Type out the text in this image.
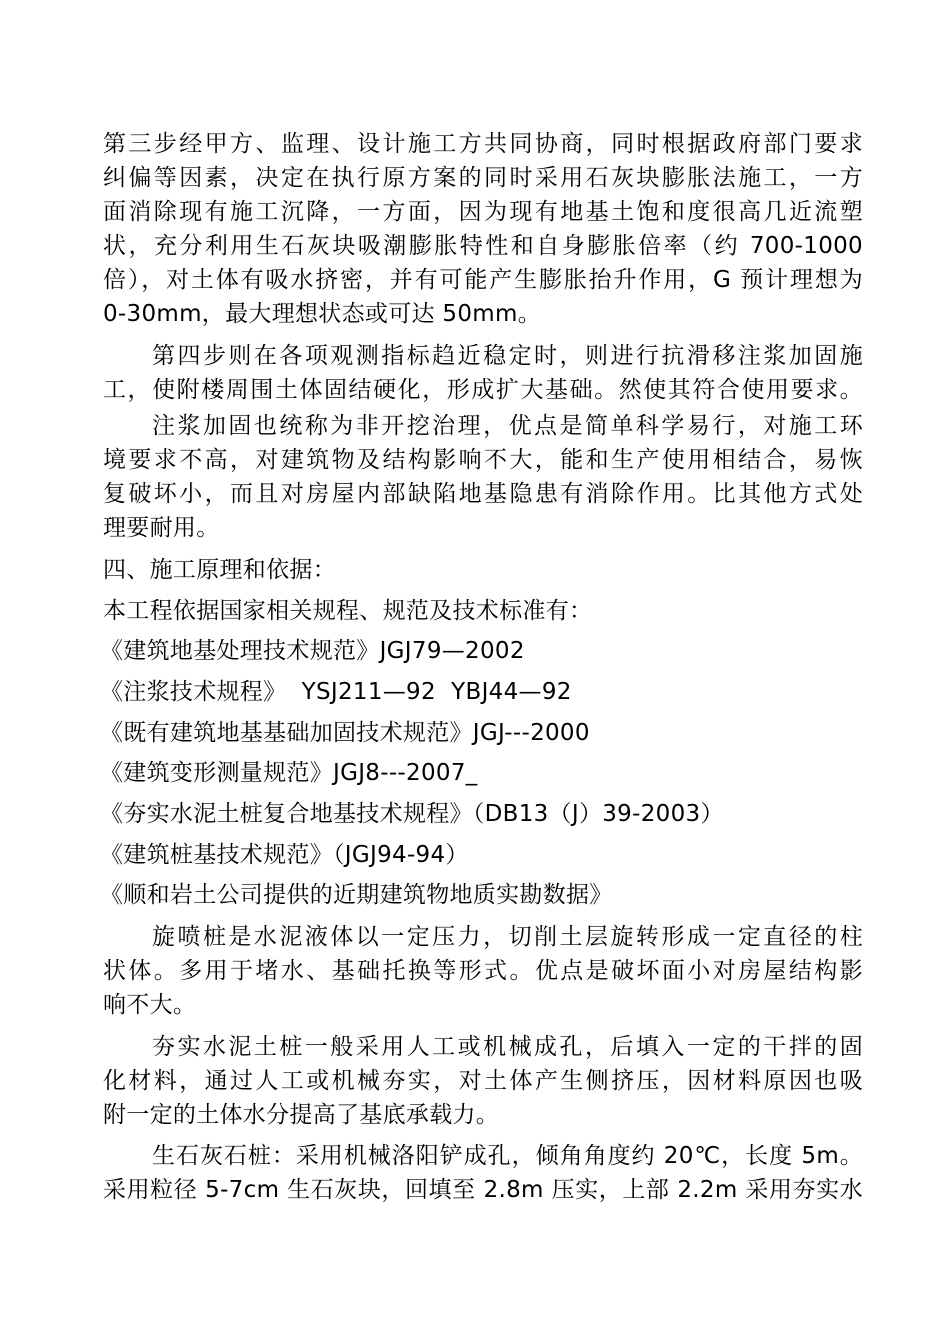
第三步经甲方、监理、设计施工方共同协商，同时根据政府部门要求
纠偏等因素，决定在执行原方案的同时采用石灰块膨胀法施工，一方
面消除现有施工沉降，一方面，因为现有地基土饱和度很高几近流塑
状，充分利用生石灰块吸潮膨胀特性和自身膨胀倍率（约 700-1000
倍），对土体有吸水挤密，并有可能产生膨胀抬升作用，G 预计理想为
0-30mm，最大理想状态或可达 50mm。
第四步则在各项观测指标趋近稳定时，则进行抗滑移注浆加固施
工，使附楼周围土体固结硬化，形成扩大基础。然使其符合使用要求。
注浆加固也统称为非开挖治理，优点是简单科学易行，对施工环
境要求不高，对建筑物及结构影响不大，能和生产使用相结合，易恢
复破坏小，而且对房屋内部缺陷地基隐患有消除作用。比其他方式处
理要耐用。
四、施工原理和依据：
本工程依据国家相关规程、规范及技术标准有：
《建筑地基处理技术规范》JGJ79—2002
《注浆技术规程》  YSJ211—92  YBJ44—92
《既有建筑地基基础加固技术规范》JGJ---2000
《建筑变形测量规范》JGJ8---2007_
《夯实水泥土桩复合地基技术规程》（DB13（J）39-2003）
《建筑桩基技术规范》（JGJ94-94）
《顺和岩土公司提供的近期建筑物地质实勘数据》
旋喷桩是水泥液体以一定压力，切削土层旋转形成一定直径的柱
状体。多用于堵水、基础托换等形式。优点是破坏面小对房屋结构影
响不大。
夯实水泥土桩一般采用人工或机械成孔，后填入一定的干拌的固
化材料，通过人工或机械夯实，对土体产生侧挤压，因材料原因也吸
附一定的土体水分提高了基底承载力。
生石灰石桩：采用机械洛阳铲成孔，倾角角度约 20℃，长度 5m。
采用粒径 5-7cm 生石灰块，回填至 2.8m 压实，上部 2.2m 采用夯实水
